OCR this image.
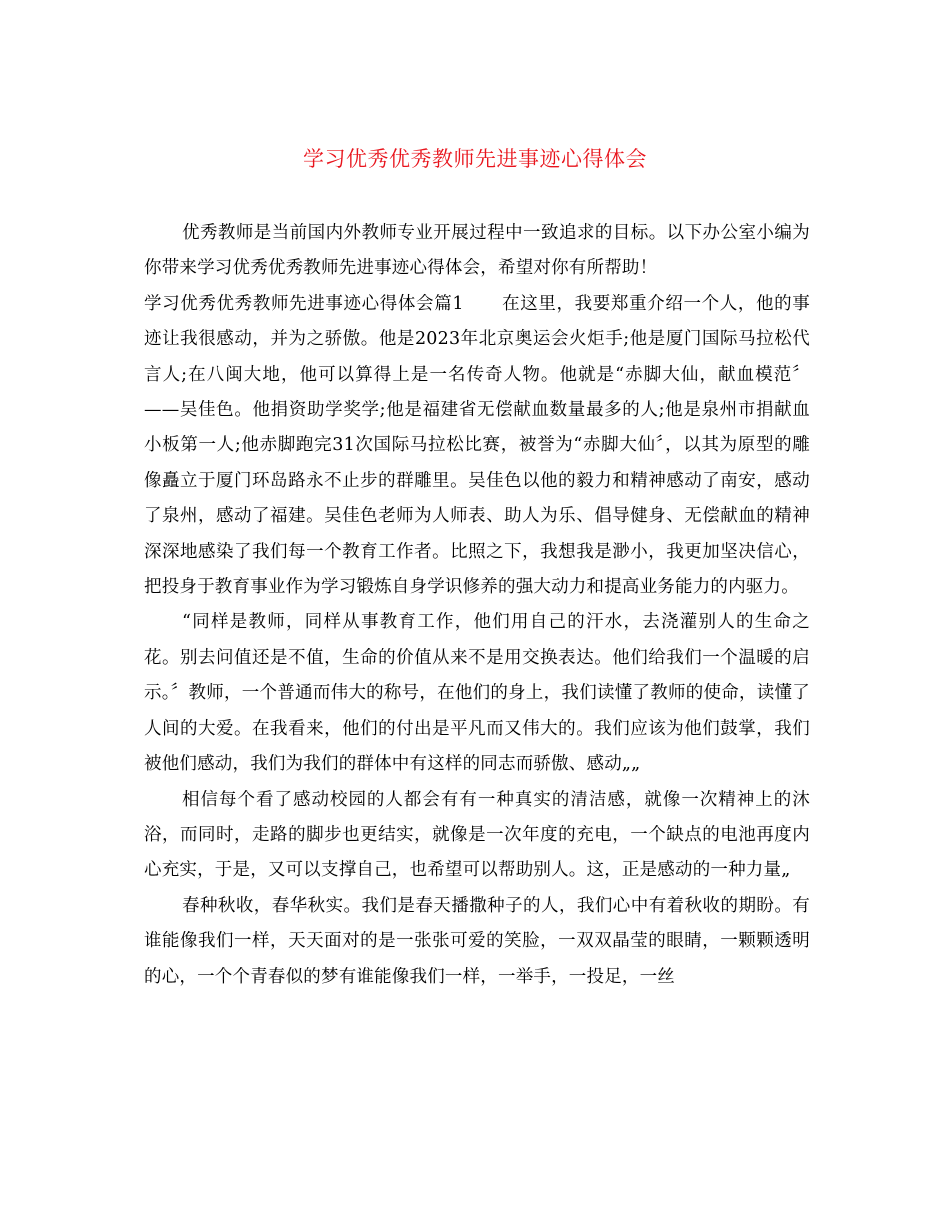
学习优秀优秀教师先进事迹心得体会

优秀教师是当前国内外教师专业开展过程中一致追求的目标。以下办公室小编为你带来学习优秀优秀教师先进事迹心得体会，希望对你有所帮助！

学习优秀优秀教师先进事迹心得体会篇1 在这里，我要郑重介绍一个人，他的事迹让我很感动，并为之骄傲。他是2023年北京奥运会火炬手;他是厦门国际马拉松代言人;在八闽大地，他可以算得上是一名传奇人物。他就是“赤脚大仙，献血模范〞——吴佳色。他捐资助学奖学;他是福建省无偿献血数量最多的人;他是泉州市捐献血小板第一人;他赤脚跑完31次国际马拉松比赛，被誉为“赤脚大仙〞，以其为原型的雕像矗立于厦门环岛路永不止步的群雕里。吴佳色以他的毅力和精神感动了南安，感动了泉州，感动了福建。吴佳色老师为人师表、助人为乐、倡导健身、无偿献血的精神深深地感染了我们每一个教育工作者。比照之下，我想我是渺小，我更加坚决信心，把投身于教育事业作为学习锻炼自身学识修养的强大动力和提高业务能力的内驱力。

“同样是教师，同样从事教育工作，他们用自己的汗水，去浇灌别人的生命之花。别去问值还是不值，生命的价值从来不是用交换表达。他们给我们一个温暖的启示。〞教师，一个普通而伟大的称号，在他们的身上，我们读懂了教师的使命，读懂了人间的大爱。在我看来，他们的付出是平凡而又伟大的。我们应该为他们鼓掌，我们被他们感动，我们为我们的群体中有这样的同志而骄傲、感动„„

相信每个看了感动校园的人都会有有一种真实的清洁感，就像一次精神上的沐浴，而同时，走路的脚步也更结实，就像是一次年度的充电，一个缺点的电池再度内心充实，于是，又可以支撑自己，也希望可以帮助别人。这，正是感动的一种力量„

春种秋收，春华秋实。我们是春天播撒种子的人，我们心中有着秋收的期盼。有谁能像我们一样，天天面对的是一张张可爱的笑脸，一双双晶莹的眼睛，一颗颗透明的心，一个个青春似的梦有谁能像我们一样，一举手，一投足，一丝
